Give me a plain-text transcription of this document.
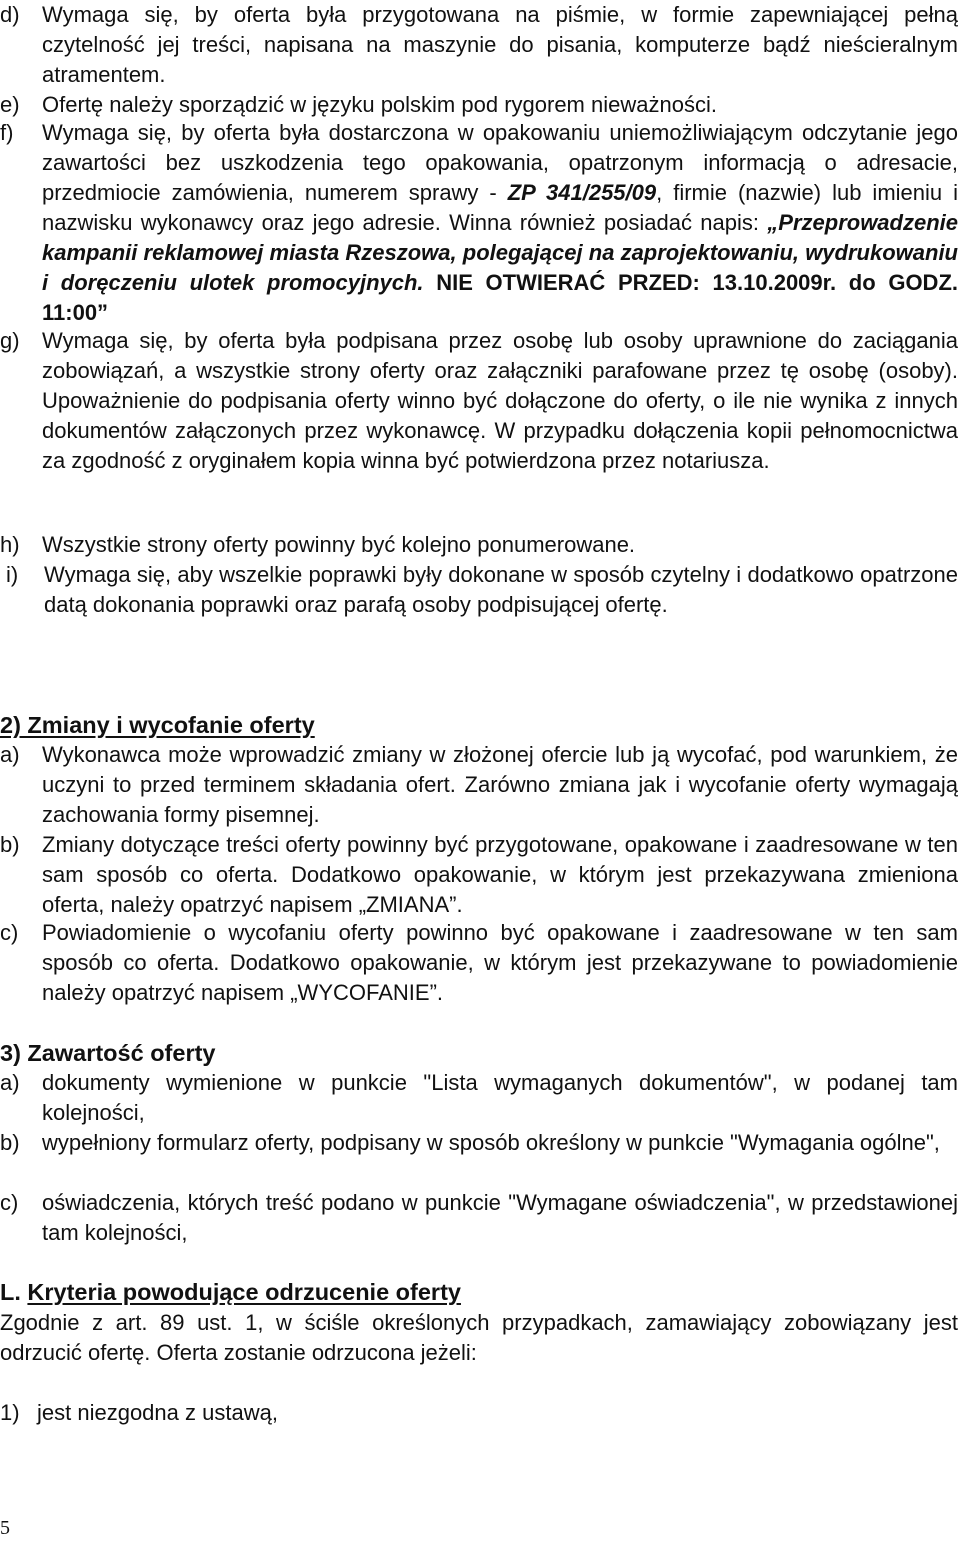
d) Wymaga się, by oferta była przygotowana na piśmie, w formie zapewniającej pełną czytelność jej treści, napisana na maszynie do pisania, komputerze bądź nieścieralnym atramentem.
e) Ofertę należy sporządzić w języku polskim pod rygorem nieważności.
f) Wymaga się, by oferta była dostarczona w opakowaniu uniemożliwiającym odczytanie jego zawartości bez uszkodzenia tego opakowania, opatrzonym informacją o adresacie, przedmiocie zamówienia, numerem sprawy - ZP 341/255/09, firmie (nazwie) lub imieniu i nazwisku wykonawcy oraz jego adresie. Winna również posiadać napis: „Przeprowadzenie kampanii reklamowej miasta Rzeszowa, polegającej na zaprojektowaniu, wydrukowaniu i doręczeniu ulotek promocyjnych. NIE OTWIERAĆ PRZED: 13.10.2009r. do GODZ. 11:00”
g) Wymaga się, by oferta była podpisana przez osobę lub osoby uprawnione do zaciągania zobowiązań, a wszystkie strony oferty oraz załączniki parafowane przez tę osobę (osoby). Upoważnienie do podpisania oferty winno być dołączone do oferty, o ile nie wynika z innych dokumentów załączonych przez wykonawcę. W przypadku dołączenia kopii pełnomocnictwa za zgodność z oryginałem kopia winna być potwierdzona przez notariusza.
h) Wszystkie strony oferty powinny być kolejno ponumerowane.
i) Wymaga się, aby wszelkie poprawki były dokonane w sposób czytelny i dodatkowo opatrzone datą dokonania poprawki oraz parafą osoby podpisującej ofertę.
2) Zmiany i wycofanie oferty
a) Wykonawca może wprowadzić zmiany w złożonej ofercie lub ją wycofać, pod warunkiem, że uczyni to przed terminem składania ofert. Zarówno zmiana jak i wycofanie oferty wymagają zachowania formy pisemnej.
b) Zmiany dotyczące treści oferty powinny być przygotowane, opakowane i zaadresowane w ten sam sposób co oferta. Dodatkowo opakowanie, w którym jest przekazywana zmieniona oferta, należy opatrzyć napisem „ZMIANA”.
c) Powiadomienie o wycofaniu oferty powinno być opakowane i zaadresowane w ten sam sposób co oferta. Dodatkowo opakowanie, w którym jest przekazywane to powiadomienie należy opatrzyć napisem „WYCOFANIE”.
3) Zawartość oferty
a) dokumenty wymienione w punkcie "Lista wymaganych dokumentów", w podanej tam kolejności,
b) wypełniony formularz oferty, podpisany w sposób określony w punkcie "Wymagania ogólne",
c) oświadczenia, których treść podano w punkcie "Wymagane oświadczenia", w przedstawionej tam kolejności,
L. Kryteria powodujące odrzucenie oferty
Zgodnie z art. 89 ust. 1, w ściśle określonych przypadkach, zamawiający zobowiązany jest odrzucić ofertę. Oferta zostanie odrzucona jeżeli:
1) jest niezgodna z ustawą,
5
